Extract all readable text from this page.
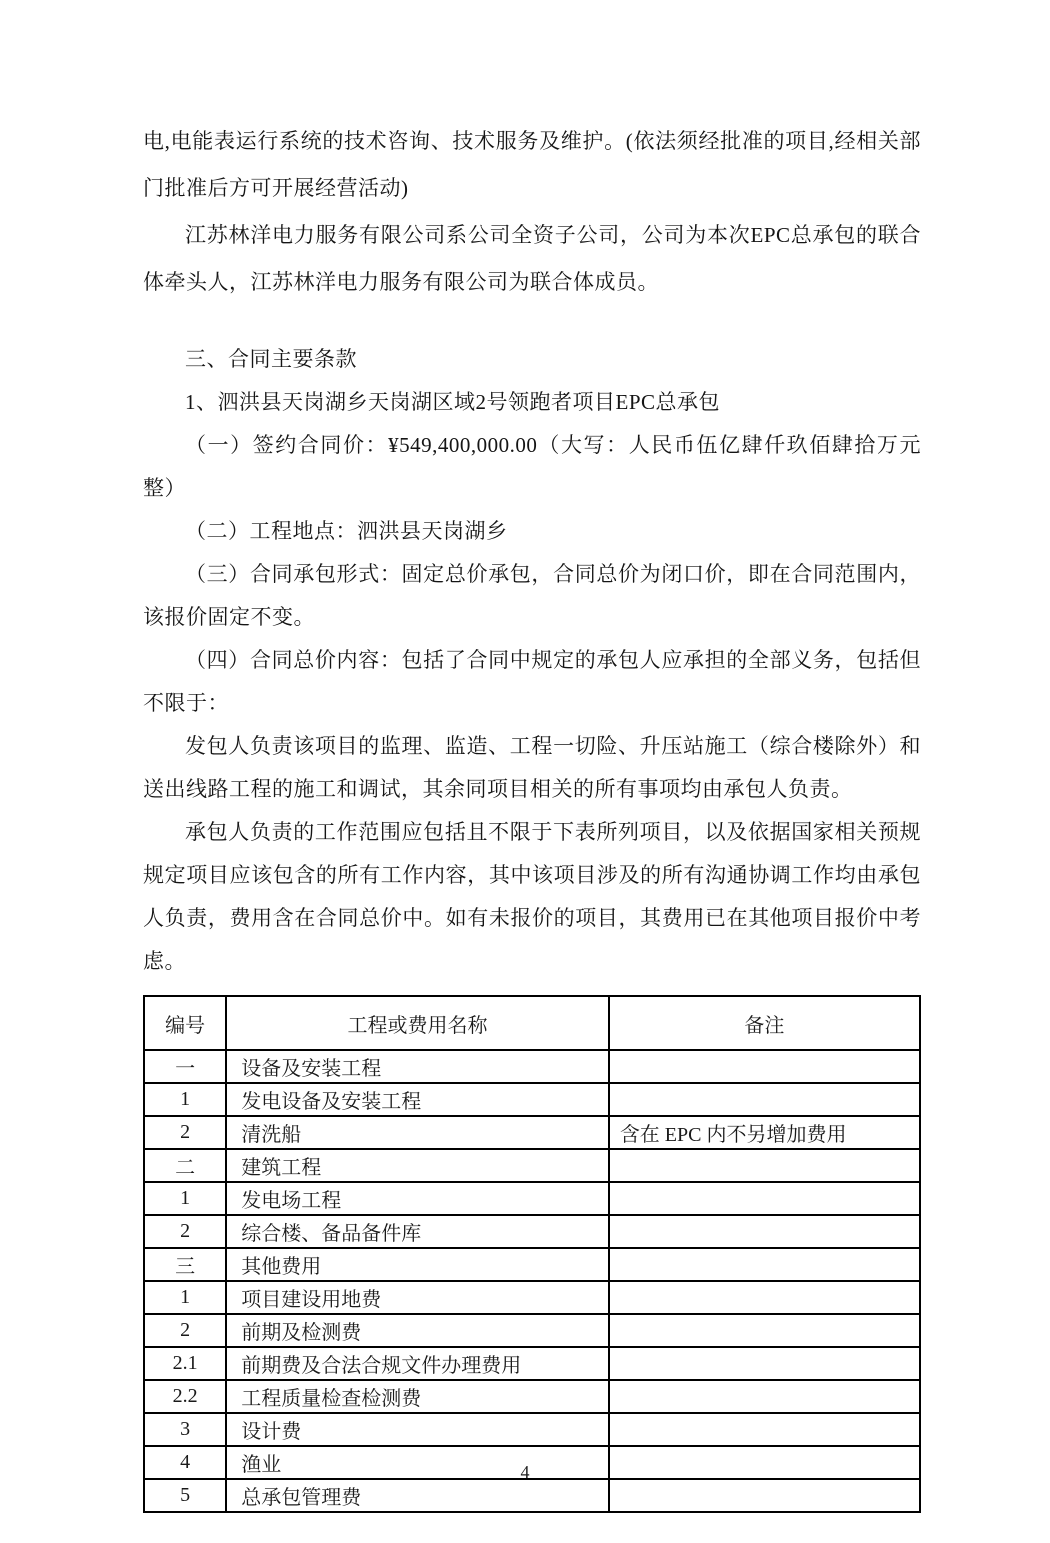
电,电能表运行系统的技术咨询、技术服务及维护。(依法须经批准的项目,经相关部门批准后方可开展经营活动)

江苏林洋电力服务有限公司系公司全资子公司，公司为本次EPC总承包的联合体牵头人，江苏林洋电力服务有限公司为联合体成员。

三、合同主要条款

1、泗洪县天岗湖乡天岗湖区域2号领跑者项目EPC总承包

（一）签约合同价：¥549,400,000.00（大写：人民币伍亿肆仟玖佰肆拾万元整）

（二）工程地点：泗洪县天岗湖乡

（三）合同承包形式：固定总价承包，合同总价为闭口价，即在合同范围内，该报价固定不变。

（四）合同总价内容：包括了合同中规定的承包人应承担的全部义务，包括但不限于：

发包人负责该项目的监理、监造、工程一切险、升压站施工（综合楼除外）和送出线路工程的施工和调试，其余同项目相关的所有事项均由承包人负责。

承包人负责的工作范围应包括且不限于下表所列项目，以及依据国家相关预规规定项目应该包含的所有工作内容，其中该项目涉及的所有沟通协调工作均由承包人负责，费用含在合同总价中。如有未报价的项目，其费用已在其他项目报价中考虑。

编号	工程或费用名称	备注
一	设备及安装工程	
1	发电设备及安装工程	
2	清洗船	含在 EPC 内不另增加费用
二	建筑工程	
1	发电场工程	
2	综合楼、备品备件库	
三	其他费用	
1	项目建设用地费	
2	前期及检测费	
2.1	前期费及合法合规文件办理费用	
2.2	工程质量检查检测费	
3	设计费	
4	渔业	
5	总承包管理费	
4
